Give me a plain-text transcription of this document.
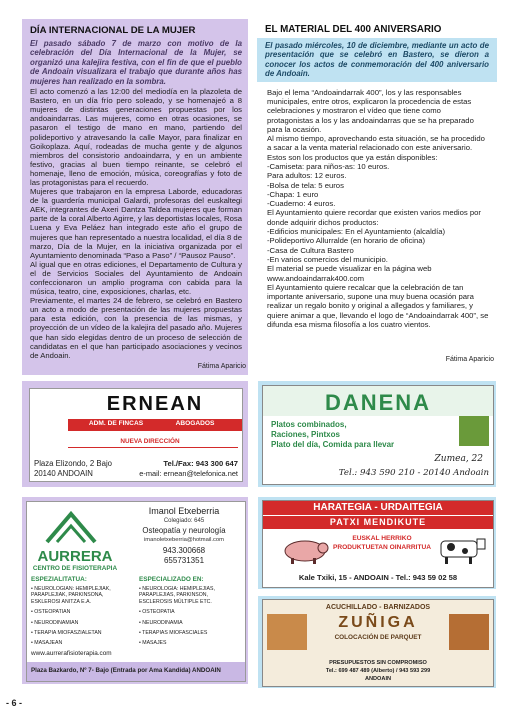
DÍA INTERNACIONAL DE LA MUJER

El pasado sábado 7 de marzo con motivo de la celebración del Día Internacional de la Mujer, se organizó una kalejira festiva, con el fin de que el pueblo de Andoain visualizara el trabajo que durante años has mujeres han realizado en la sombra.

El acto comenzó a las 12:00 del mediodía en la plazoleta de Bastero, en un día frío pero soleado, y se homenajeó a 8 mujeres de distintas generaciones propuestas por los andoaindarras. Las mujeres, como en otras ocasiones, se pasaron el testigo de mano en mano, partiendo del polideportivo y atravesando la calle Mayor, para finalizar en Goikoplaza. Aquí, rodeadas de mucha gente y de algunos miembros del consistorio andoaindarra, y en un ambiente festivo, gracias al buen tiempo reinante, se celebró el homenaje, lleno de emoción, música, coreografías y foto de las protagonistas para el recuerdo.

Mujeres que trabajaron en la empresa Laborde, educadoras de la guardería municipal Galardi, profesoras del euskaltegi AEK, integrantes de Axeri Dantza Taldea mujeres que forman parte de la coral Alberto Agirre, y las deportistas locales, Rosa Luena y Eva Peláez han integrado este año el grupo de mujeres que han representado a nuestra localidad, el día 8 de marzo, Día de la Mujer, en la iniciativa organizada por el Ayuntamiento denominada “Paso a Paso” / “Pausoz Pauso”.

Al igual que en otras ediciones, el Departamento de Cultura y el de Servicios Sociales del Ayuntamiento de Andoain confeccionaron un amplio programa con cabida para la música, teatro, cine, exposiciones, charlas, etc.

Previamente, el martes 24 de febrero, se celebró en Bastero un acto a modo de presentación de las mujeres propuestas para esta edición, con la presencia de las mismas, y proyección de un vídeo de la kalejira del pasado año. Mujeres que han sido elegidas dentro de un proceso de selección de candidatas en el que han participado asociaciones y vecinos de Andoain.

Fátima Aparicio
EL MATERIAL DEL 400 ANIVERSARIO

El pasado miércoles, 10 de diciembre, mediante un acto de presentación que se celebró en Bastero, se dieron a conocer los actos de conmemoración del 400 aniversario de Andoain.

Bajo el lema “Andoaindarrak 400”, los y las responsables municipales, entre otros, explicaron la procedencia de estas celebraciones y mostraron el vídeo que tiene como protagonistas a los y las andoaindarras que se ha preparado para la ocasión.

Al mismo tiempo, aprovechando esta situación, se ha procedido a sacar a la venta material relacionado con este aniversario.

Estos son los productos que ya están disponibles:

-Camiseta: para niños-as: 10 euros.

Para adultos: 12 euros.

-Bolsa de tela: 5 euros

-Chapa: 1 euro

-Cuaderno: 4 euros.

El Ayuntamiento quiere recordar que existen varios medios por donde adquirir dichos productos:

-Edificios municipales: En el Ayuntamiento (alcaldía)

-Polideportivo Allurralde (en horario de oficina)

-Casa de Cultura Bastero

-En varios comercios del municipio.

El material se puede visualizar en la página web www.andoaindarrak400.com

El Ayuntamiento quiere recalcar que la celebración de tan importante aniversario, supone una muy buena ocasión para realizar un regalo bonito y original a allegados y familiares, y quiere animar a que, llevando el logo de “Andoaindarrak 400”, se difunda esa misma filosofía a los cuatro vientos.

Fátima Aparicio
ERNEAN
ADM. DE FINCAS	ABOGADOS
NUEVA DIRECCIÓN
Plaza Elizondo, 2 Bajo
20140 ANDOAIN
Tel./Fax: 943 300 647
e-mail: ernean@telefonica.net
DANENA
Platos combinados,
Raciones, Pintxos
Plato del día, Comida para llevar
Zumea, 22
Tel.: 943 590 210 - 20140 Andoain
AURRERA
CENTRO DE FISIOTERAPIA
Imanol Etxeberria
Colegiado: 645
Osteopatía y neurología
imanoletxeberria@hotmail.com
943.300668
655731351
ESPEZIALITATUA:
• NEUROLOGIAN: HEMIPLEJIAK, PARAPLEJIAK, PARKINSONA, ESKLEROSI ANITZA E.A.
• OSTEOPATIAN
• NEURODINAMIAN
• TERAPIA MIOFASZIALETAN
• MASAJEAN
ESPECIALIZADO EN:
• NEUROLOGIA: HEMIPLEJIAS, PARAPLEJIAS, PARKINSON, ESCLEROSIS MÚLTIPLE ETC.
• OSTEOPATIA
• NEURODINAMIA
• TERAPIAS MIOFASCIALES
• MASAJES
www.aurrerafisioterapia.com
Plaza Bazkardo, Nº 7- Bajo (Entrada por Ama Kandida) ANDOAIN
HARATEGIA - URDAITEGIA
PATXI MENDIKUTE
EUSKAL HERRIKO
PRODUKTUETAN OINARRITUA
Kale Txiki, 15 - ANDOAIN - Tel.: 943 59 02 58
ACUCHILLADO - BARNIZADOS
ZUÑIGA
COLOCACIÓN DE PARQUET
PRESUPUESTOS SIN COMPROMISO
Tel.: 699 487 489 (Alberto) / 943 593 299
ANDOAIN
- 6 -
